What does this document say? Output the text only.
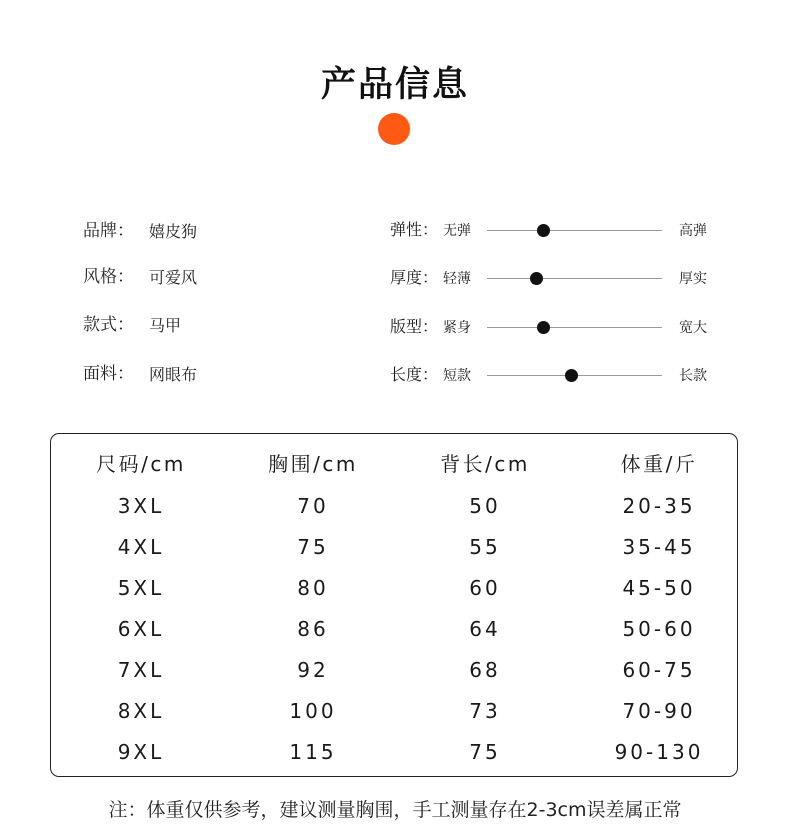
产品信息
品牌： 嬉皮狗
风格： 可爱风
款式： 马甲
面料： 网眼布
弹性： 无弹	高弹
厚度： 轻薄	厚实
版型： 紧身	宽大
长度： 短款	长款
尺码/cm	胸围/cm	背长/cm	体重/斤
3XL	70	50	20-35
4XL	75	55	35-45
5XL	80	60	45-50
6XL	86	64	50-60
7XL	92	68	60-75
8XL	100	73	70-90
9XL	115	75	90-130
注：体重仅供参考，建议测量胸围，手工测量存在2-3cm误差属正常
